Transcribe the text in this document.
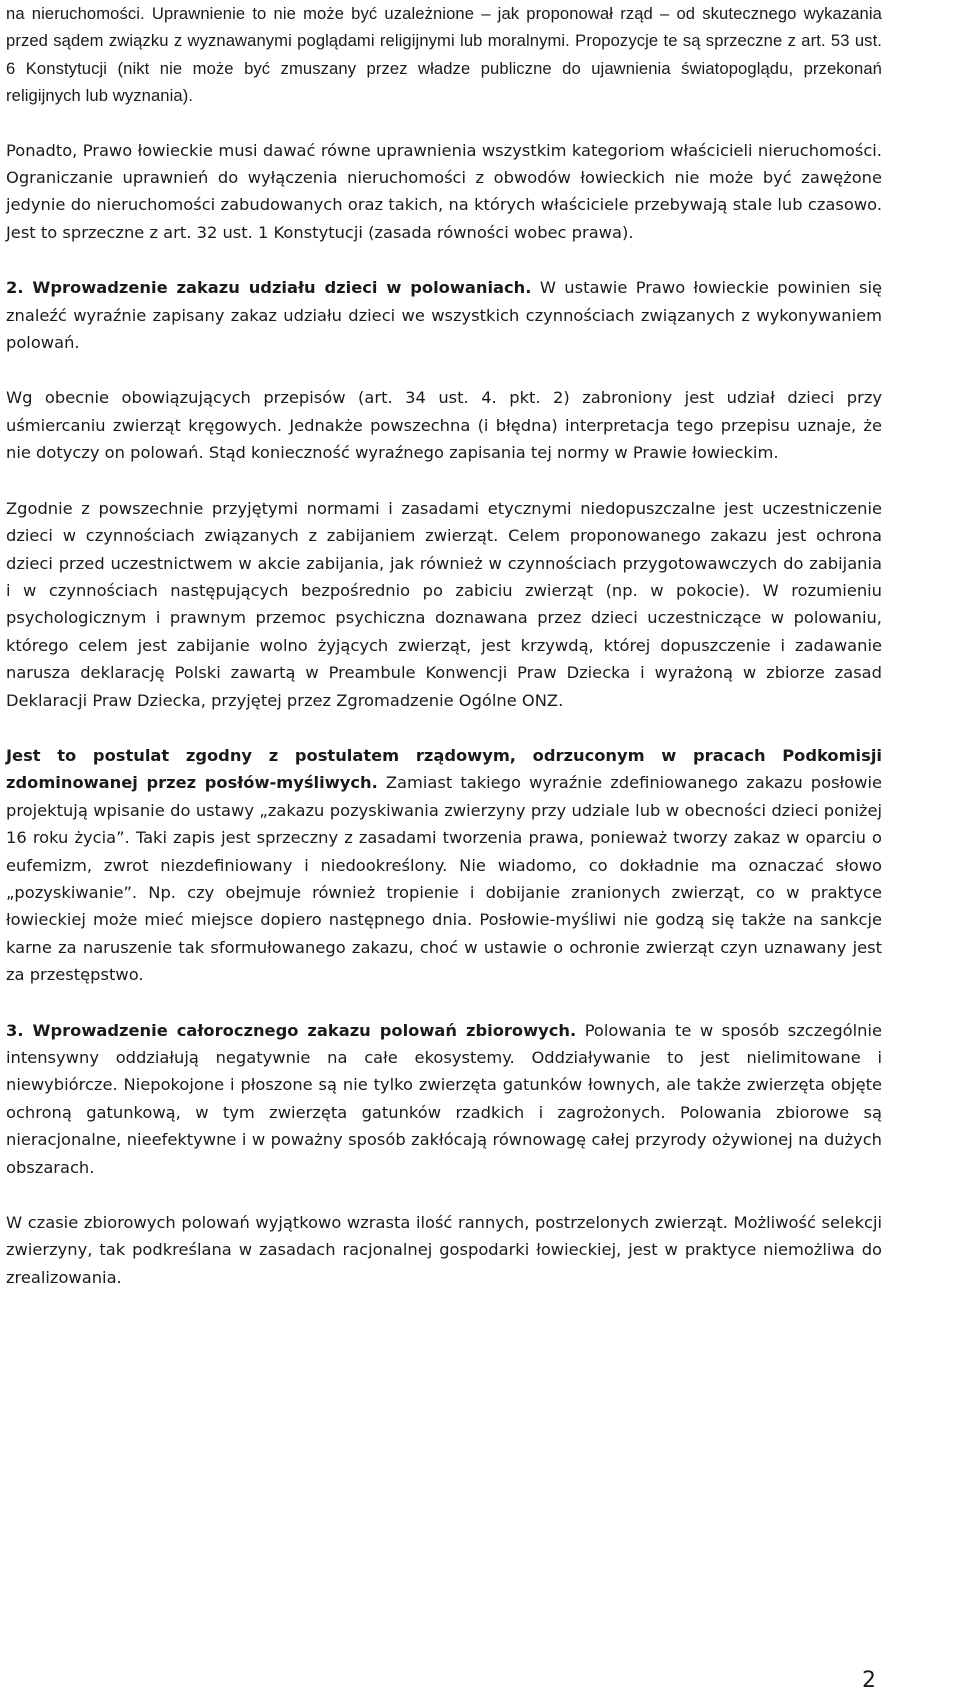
na nieruchomości. Uprawnienie to nie może być uzależnione – jak proponował rząd – od skutecznego wykazania przed sądem związku z wyznawanymi poglądami religijnymi lub moralnymi. Propozycje te są sprzeczne z art. 53 ust. 6 Konstytucji (nikt nie może być zmuszany przez władze publiczne do ujawnienia światopoglądu, przekonań religijnych lub wyznania).

Ponadto, Prawo łowieckie musi dawać równe uprawnienia wszystkim kategoriom właścicieli nieruchomości. Ograniczanie uprawnień do wyłączenia nieruchomości z obwodów łowieckich nie może być zawężone jedynie do nieruchomości zabudowanych oraz takich, na których właściciele przebywają stale lub czasowo. Jest to sprzeczne z art. 32 ust. 1 Konstytucji (zasada równości wobec prawa).

2. Wprowadzenie zakazu udziału dzieci w polowaniach. W ustawie Prawo łowieckie powinien się znaleźć wyraźnie zapisany zakaz udziału dzieci we wszystkich czynnościach związanych z wykonywaniem polowań.

Wg obecnie obowiązujących przepisów (art. 34 ust. 4. pkt. 2) zabroniony jest udział dzieci przy uśmiercaniu zwierząt kręgowych. Jednakże powszechna (i błędna) interpretacja tego przepisu uznaje, że nie dotyczy on polowań. Stąd konieczność wyraźnego zapisania tej normy w Prawie łowieckim.

Zgodnie z powszechnie przyjętymi normami i zasadami etycznymi niedopuszczalne jest uczestniczenie dzieci w czynnościach związanych z zabijaniem zwierząt. Celem proponowanego zakazu jest ochrona dzieci przed uczestnictwem w akcie zabijania, jak również w czynnościach przygotowawczych do zabijania i w czynnościach następujących bezpośrednio po zabiciu zwierząt (np. w pokocie). W rozumieniu psychologicznym i prawnym przemoc psychiczna doznawana przez dzieci uczestniczące w polowaniu, którego celem jest zabijanie wolno żyjących zwierząt, jest krzywdą, której dopuszczenie i zadawanie narusza deklarację Polski zawartą w Preambule Konwencji Praw Dziecka i wyrażoną w zbiorze zasad Deklaracji Praw Dziecka, przyjętej przez Zgromadzenie Ogólne ONZ.

Jest to postulat zgodny z postulatem rządowym, odrzuconym w pracach Podkomisji zdominowanej przez posłów-myśliwych. Zamiast takiego wyraźnie zdefiniowanego zakazu posłowie projektują wpisanie do ustawy „zakazu pozyskiwania zwierzyny przy udziale lub w obecności dzieci poniżej 16 roku życia”. Taki zapis jest sprzeczny z zasadami tworzenia prawa, ponieważ tworzy zakaz w oparciu o eufemizm, zwrot niezdefiniowany i niedookreślony. Nie wiadomo, co dokładnie ma oznaczać słowo „pozyskiwanie”. Np. czy obejmuje również tropienie i dobijanie zranionych zwierząt, co w praktyce łowieckiej może mieć miejsce dopiero następnego dnia. Posłowie-myśliwi nie godzą się także na sankcje karne za naruszenie tak sformułowanego zakazu, choć w ustawie o ochronie zwierząt czyn uznawany jest za przestępstwo.

3. Wprowadzenie całorocznego zakazu polowań zbiorowych. Polowania te w sposób szczególnie intensywny oddziałują negatywnie na całe ekosystemy. Oddziaływanie to jest nielimitowane i niewybiórcze. Niepokojone i płoszone są nie tylko zwierzęta gatunków łownych, ale także zwierzęta objęte ochroną gatunkową, w tym zwierzęta gatunków rzadkich i zagrożonych. Polowania zbiorowe są nieracjonalne, nieefektywne i w poważny sposób zakłócają równowagę całej przyrody ożywionej na dużych obszarach.

W czasie zbiorowych polowań wyjątkowo wzrasta ilość rannych, postrzelonych zwierząt. Możliwość selekcji zwierzyny, tak podkreślana w zasadach racjonalnej gospodarki łowieckiej, jest w praktyce niemożliwa do zrealizowania.

2
